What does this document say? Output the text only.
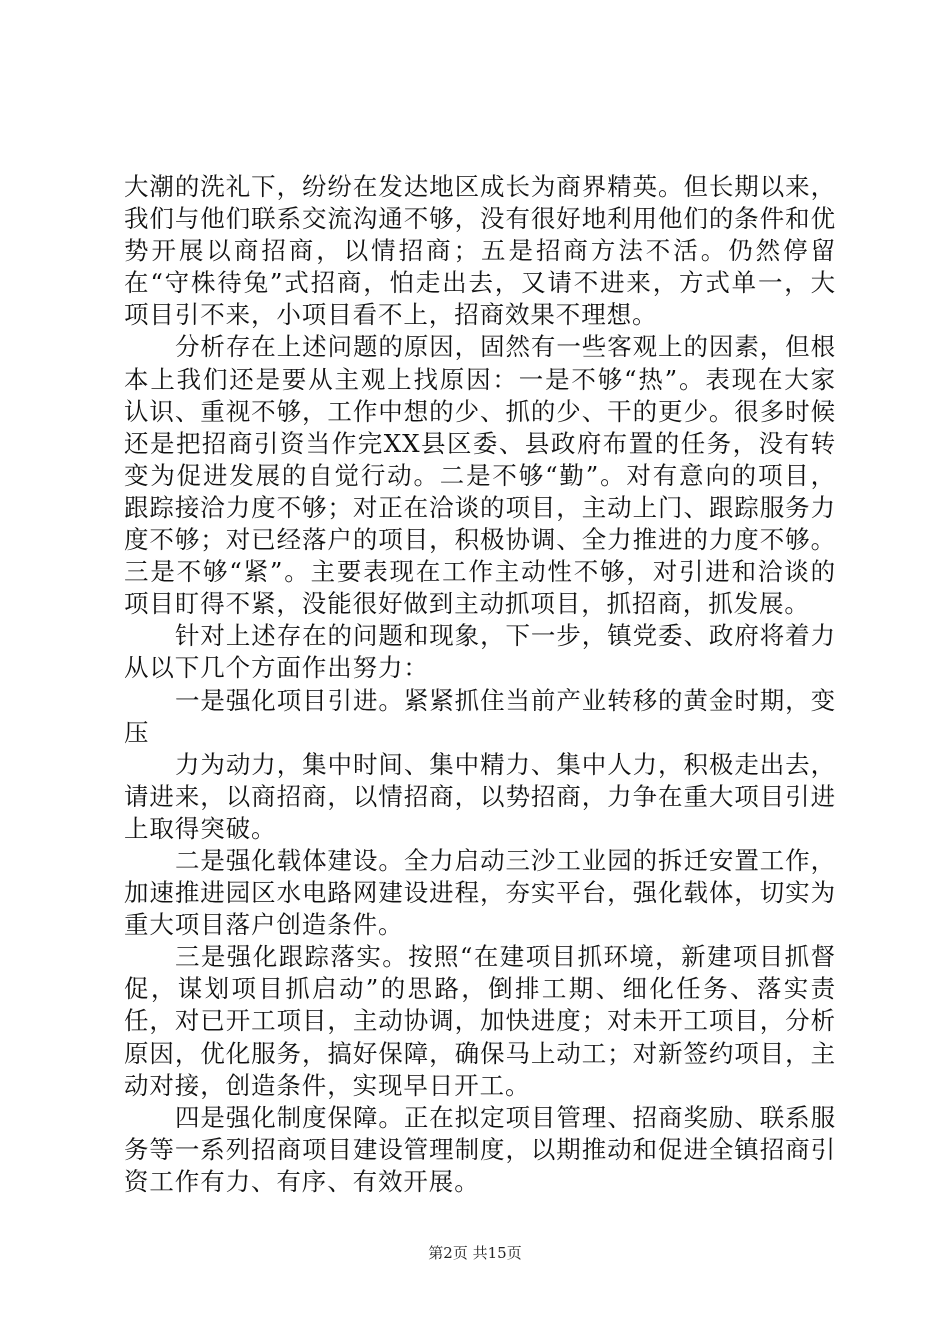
大潮的洗礼下，纷纷在发达地区成长为商界精英。但长期以来，我们与他们联系交流沟通不够，没有很好地利用他们的条件和优势开展以商招商，以情招商；五是招商方法不活。仍然停留在“守株待兔”式招商，怕走出去，又请不进来，方式单一，大项目引不来，小项目看不上，招商效果不理想。

分析存在上述问题的原因，固然有一些客观上的因素，但根本上我们还是要从主观上找原因：一是不够“热”。表现在大家认识、重视不够，工作中想的少、抓的少、干的更少。很多时候还是把招商引资当作完XX县区委、县政府布置的任务，没有转变为促进发展的自觉行动。二是不够“勤”。对有意向的项目，跟踪接洽力度不够；对正在洽谈的项目，主动上门、跟踪服务力度不够；对已经落户的项目，积极协调、全力推进的力度不够。三是不够“紧”。主要表现在工作主动性不够，对引进和洽谈的项目盯得不紧，没能很好做到主动抓项目，抓招商，抓发展。

针对上述存在的问题和现象，下一步，镇党委、政府将着力从以下几个方面作出努力：

一是强化项目引进。紧紧抓住当前产业转移的黄金时期，变压

力为动力，集中时间、集中精力、集中人力，积极走出去，请进来，以商招商，以情招商，以势招商，力争在重大项目引进上取得突破。

二是强化载体建设。全力启动三沙工业园的拆迁安置工作，加速推进园区水电路网建设进程，夯实平台，强化载体，切实为重大项目落户创造条件。

三是强化跟踪落实。按照“在建项目抓环境，新建项目抓督促，谋划项目抓启动”的思路，倒排工期、细化任务、落实责任，对已开工项目，主动协调，加快进度；对未开工项目，分析原因，优化服务，搞好保障，确保马上动工；对新签约项目，主动对接，创造条件，实现早日开工。

四是强化制度保障。正在拟定项目管理、招商奖励、联系服务等一系列招商项目建设管理制度，以期推动和促进全镇招商引资工作有力、有序、有效开展。

第2页 共15页
